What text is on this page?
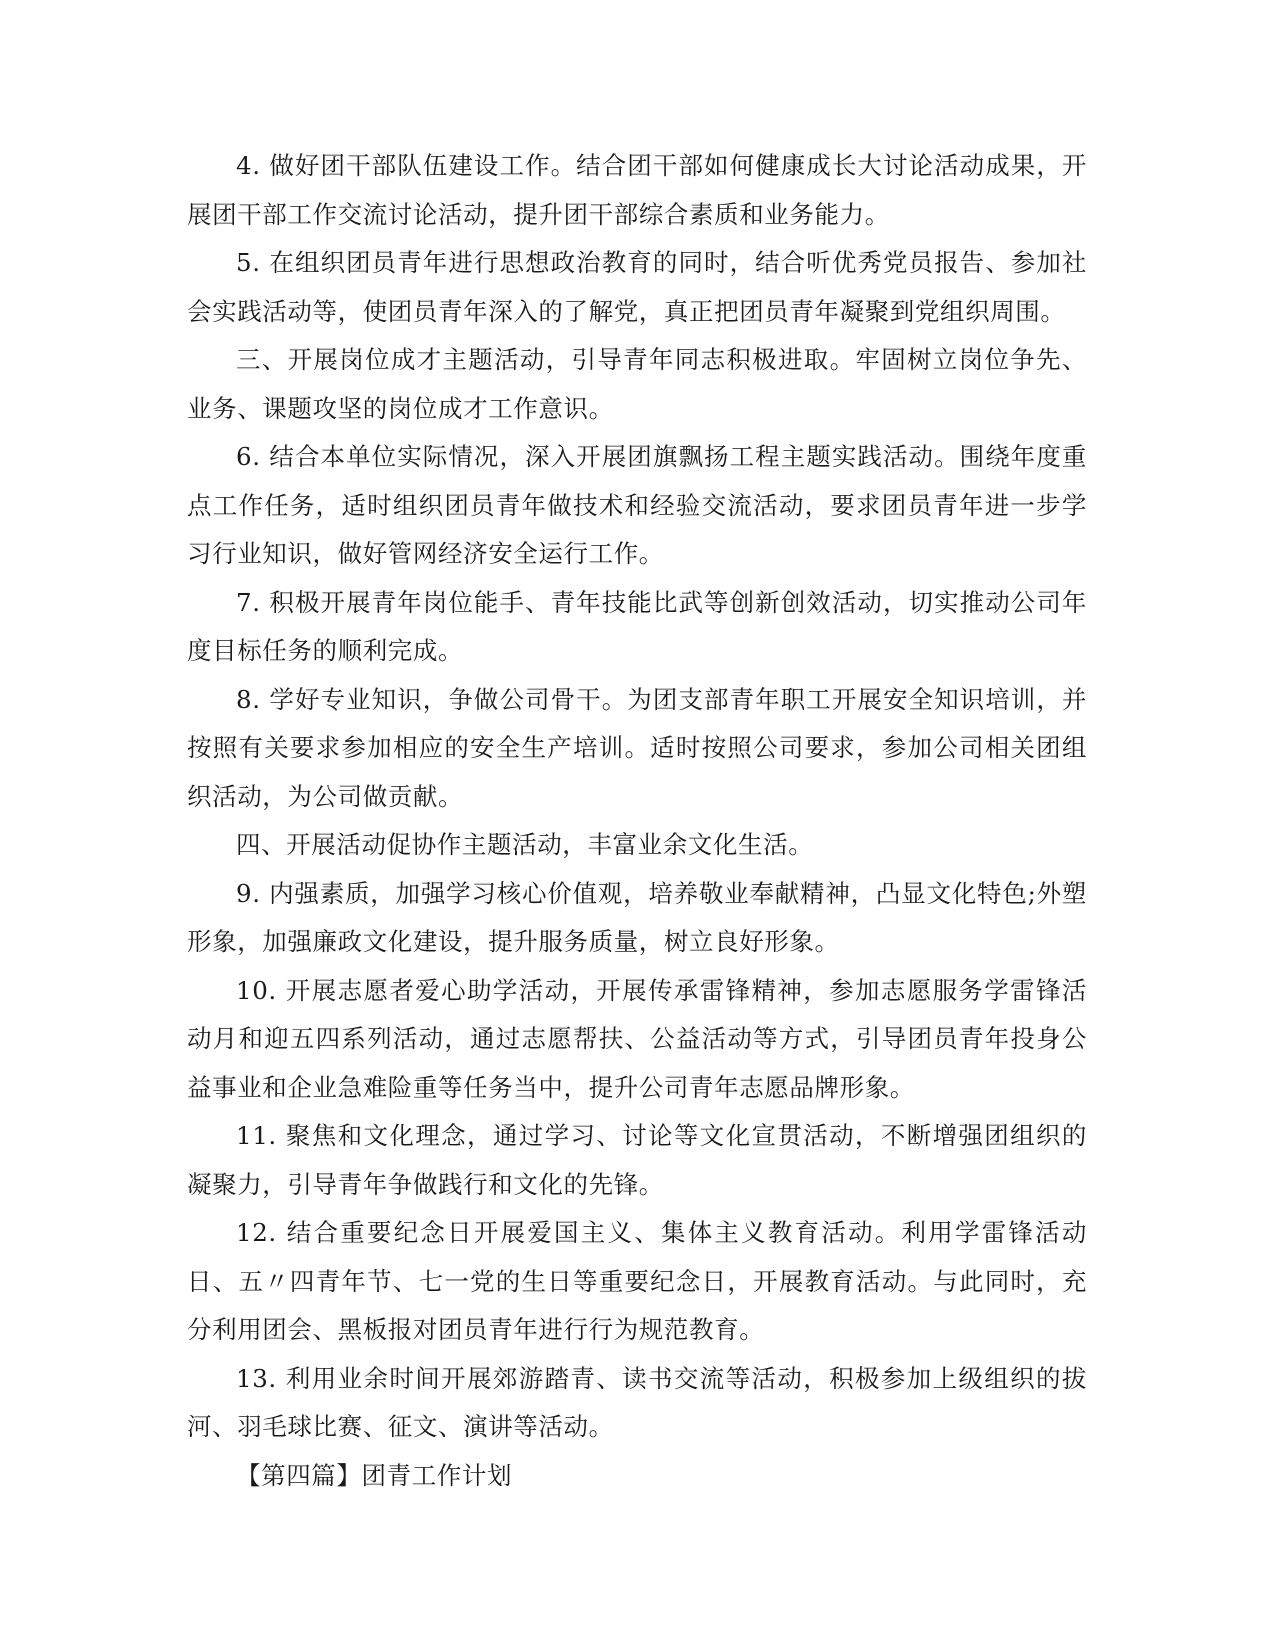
4. 做好团干部队伍建设工作。结合团干部如何健康成长大讨论活动成果，开展团干部工作交流讨论活动，提升团干部综合素质和业务能力。

5. 在组织团员青年进行思想政治教育的同时，结合听优秀党员报告、参加社会实践活动等，使团员青年深入的了解党，真正把团员青年凝聚到党组织周围。

三、开展岗位成才主题活动，引导青年同志积极进取。牢固树立岗位争先、业务、课题攻坚的岗位成才工作意识。

6. 结合本单位实际情况，深入开展团旗飘扬工程主题实践活动。围绕年度重点工作任务，适时组织团员青年做技术和经验交流活动，要求团员青年进一步学习行业知识，做好管网经济安全运行工作。

7. 积极开展青年岗位能手、青年技能比武等创新创效活动，切实推动公司年度目标任务的顺利完成。

8. 学好专业知识，争做公司骨干。为团支部青年职工开展安全知识培训，并按照有关要求参加相应的安全生产培训。适时按照公司要求，参加公司相关团组织活动，为公司做贡献。

四、开展活动促协作主题活动，丰富业余文化生活。

9. 内强素质，加强学习核心价值观，培养敬业奉献精神，凸显文化特色;外塑形象，加强廉政文化建设，提升服务质量，树立良好形象。

10. 开展志愿者爱心助学活动，开展传承雷锋精神，参加志愿服务学雷锋活动月和迎五四系列活动，通过志愿帮扶、公益活动等方式，引导团员青年投身公益事业和企业急难险重等任务当中，提升公司青年志愿品牌形象。

11. 聚焦和文化理念，通过学习、讨论等文化宣贯活动，不断增强团组织的凝聚力，引导青年争做践行和文化的先锋。

12. 结合重要纪念日开展爱国主义、集体主义教育活动。利用学雷锋活动日、五〃四青年节、七一党的生日等重要纪念日，开展教育活动。与此同时，充分利用团会、黑板报对团员青年进行行为规范教育。

13. 利用业余时间开展郊游踏青、读书交流等活动，积极参加上级组织的拔河、羽毛球比赛、征文、演讲等活动。

【第四篇】团青工作计划
